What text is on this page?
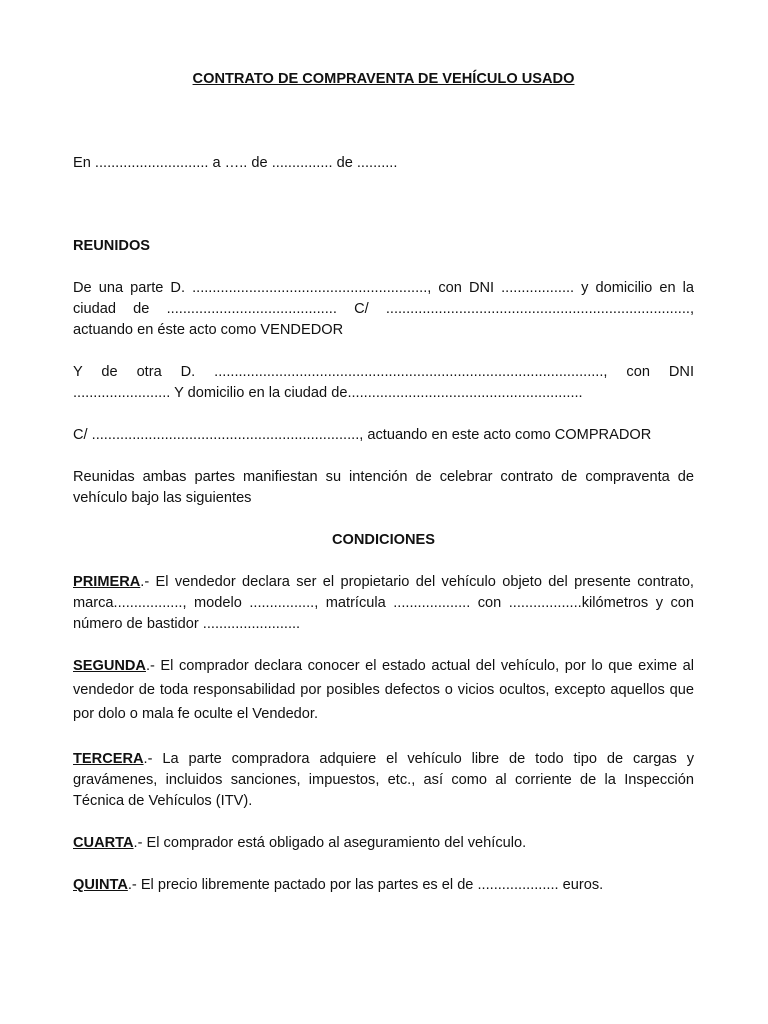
CONTRATO DE COMPRAVENTA DE VEHÍCULO USADO
En ............................ a ….. de ............... de ..........
REUNIDOS

De una parte D. .........................................................., con DNI .................. y domicilio en la ciudad de .......................................... C/ ..........................................................................., actuando en éste acto como VENDEDOR

Y de otra D. ................................................................................................, con DNI ........................ Y domicilio en la ciudad de..........................................................

C/ .................................................................., actuando en este acto como COMPRADOR

Reunidas ambas partes manifiestan su intención de celebrar contrato de compraventa de vehículo bajo las siguientes

CONDICIONES

PRIMERA.- El vendedor declara ser el propietario del vehículo objeto del presente contrato, marca................., modelo ................, matrícula ................... con ..................kilómetros y con número de bastidor ........................

SEGUNDA.- El comprador declara conocer el estado actual del vehículo, por lo que exime al vendedor de toda responsabilidad por posibles defectos o vicios ocultos, excepto aquellos que por dolo o mala fe oculte el Vendedor.

TERCERA.- La parte compradora adquiere el vehículo libre de todo tipo de cargas y gravámenes, incluidos sanciones, impuestos, etc., así como al corriente de la Inspección Técnica de Vehículos (ITV).

CUARTA.- El comprador está obligado al aseguramiento del vehículo.

QUINTA.- El precio libremente pactado por las partes es el de .................... euros.
